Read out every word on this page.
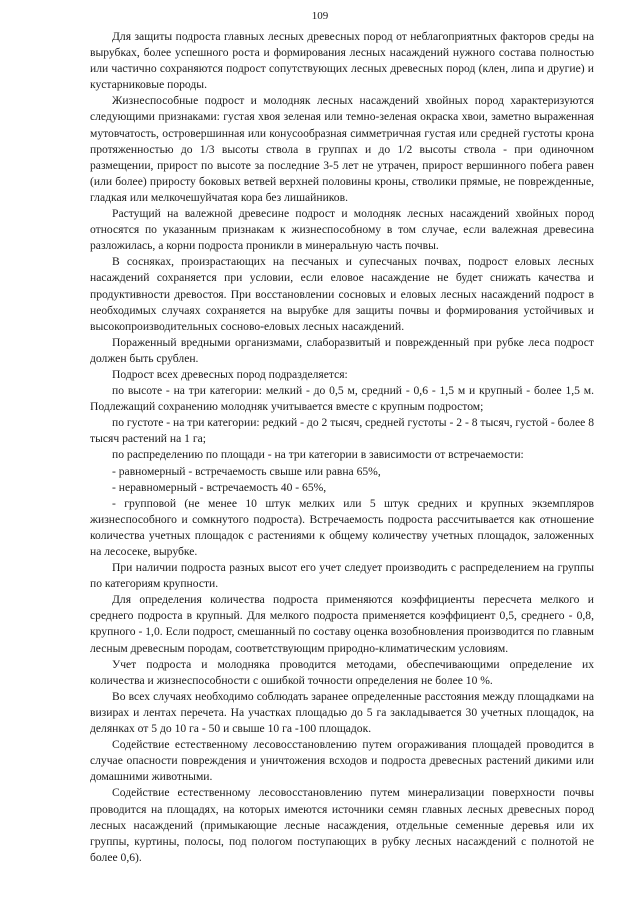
109

Для защиты подроста главных лесных древесных пород от неблагоприятных факторов среды на вырубках, более успешного роста и формирования лесных насаждений нужного состава полностью или частично сохраняются подрост сопутствующих лесных древесных пород (клен, липа и другие) и кустарниковые породы.

Жизнеспособные подрост и молодняк лесных насаждений хвойных пород характеризуются следующими признаками: густая хвоя зеленая или темно-зеленая окраска хвои, заметно выраженная мутовчатость, островершинная или конусообразная симметричная густая или средней густоты крона протяженностью до 1/3 высоты ствола в группах и до 1/2 высоты ствола - при одиночном размещении, прирост по высоте за последние 3-5 лет не утрачен, прирост вершинного побега равен (или более) приросту боковых ветвей верхней половины кроны, стволики прямые, не поврежденные, гладкая или мелкочешуйчатая кора без лишайников.

Растущий на валежной древесине подрост и молодняк лесных насаждений хвойных пород относятся по указанным признакам к жизнеспособному в том случае, если валежная древесина разложилась, а корни подроста проникли в минеральную часть почвы.

В сосняках, произрастающих на песчаных и супесчаных почвах, подрост еловых лесных насаждений сохраняется при условии, если еловое насаждение не будет снижать качества и продуктивности древостоя. При восстановлении сосновых и еловых лесных насаждений подрост в необходимых случаях сохраняется на вырубке для защиты почвы и формирования устойчивых и высокопроизводительных сосново-еловых лесных насаждений.

Пораженный вредными организмами, слаборазвитый и поврежденный при рубке леса подрост должен быть срублен.

Подрост всех древесных пород подразделяется:

по высоте - на три категории: мелкий - до 0,5 м, средний - 0,6 - 1,5 м и крупный - более 1,5 м. Подлежащий сохранению молодняк учитывается вместе с крупным подростом;

по густоте - на три категории: редкий - до 2 тысяч, средней густоты - 2 - 8 тысяч, густой - более 8 тысяч растений на 1 га;

по распределению по площади - на три категории в зависимости от встречаемости:

- равномерный - встречаемость свыше или равна 65%,

- неравномерный - встречаемость 40 - 65%,

- групповой (не менее 10 штук мелких или 5 штук средних и крупных экземпляров жизнеспособного и сомкнутого подроста). Встречаемость подроста рассчитывается как отношение количества учетных площадок с растениями к общему количеству учетных площадок, заложенных на лесосеке, вырубке.

При наличии подроста разных высот его учет следует производить с распределением на группы по категориям крупности.

Для определения количества подроста применяются коэффициенты пересчета мелкого и среднего подроста в крупный. Для мелкого подроста применяется коэффициент 0,5, среднего - 0,8, крупного - 1,0. Если подрост, смешанный по составу оценка возобновления производится по главным лесным древесным породам, соответствующим природно-климатическим условиям.

Учет подроста и молодняка проводится методами, обеспечивающими определение их количества и жизнеспособности с ошибкой точности определения не более 10 %.

Во всех случаях необходимо соблюдать заранее определенные расстояния между площадками на визирах и лентах перечета. На участках площадью до 5 га закладывается 30 учетных площадок, на делянках от 5 до 10 га - 50 и свыше 10 га -100 площадок.

Содействие естественному лесовосстановлению путем огораживания площадей проводится в случае опасности повреждения и уничтожения всходов и подроста древесных растений дикими или домашними животными.

Содействие естественному лесовосстановлению путем минерализации поверхности почвы проводится на площадях, на которых имеются источники семян главных лесных древесных пород лесных насаждений (примыкающие лесные насаждения, отдельные семенные деревья или их группы, куртины, полосы, под пологом поступающих в рубку лесных насаждений с полнотой не более 0,6).
